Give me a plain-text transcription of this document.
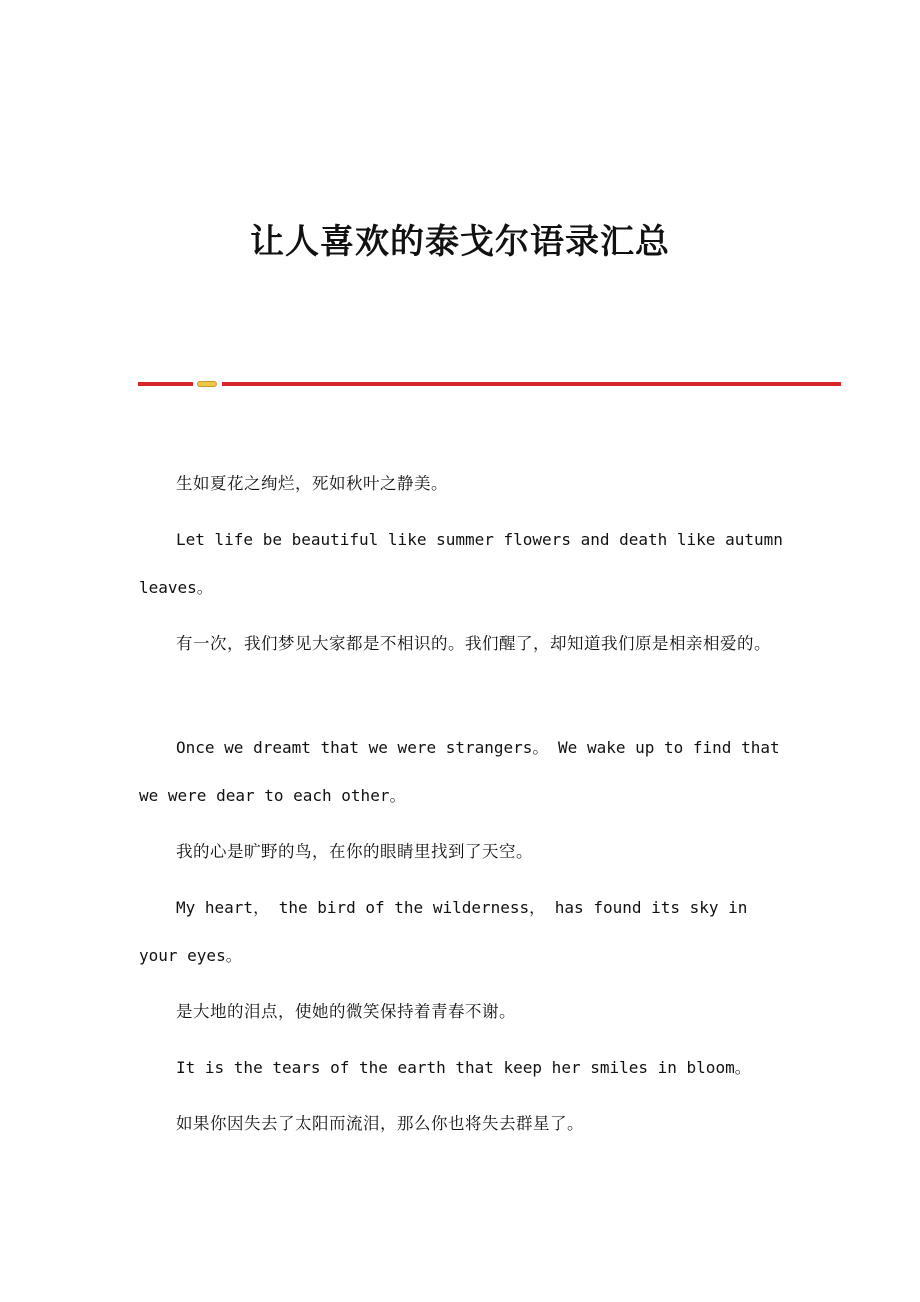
让人喜欢的泰戈尔语录汇总

生如夏花之绚烂，死如秋叶之静美。

Let life be beautiful like summer flowers and death like autumn leaves。

有一次，我们梦见大家都是不相识的。我们醒了，却知道我们原是相亲相爱的。

Once we dreamt that we were strangers。 We wake up to find that we were dear to each other。

我的心是旷野的鸟，在你的眼睛里找到了天空。

My heart， the bird of the wilderness， has found its sky in your eyes。

是大地的泪点，使她的微笑保持着青春不谢。

It is the tears of the earth that keep her smiles in bloom。

如果你因失去了太阳而流泪，那么你也将失去群星了。
